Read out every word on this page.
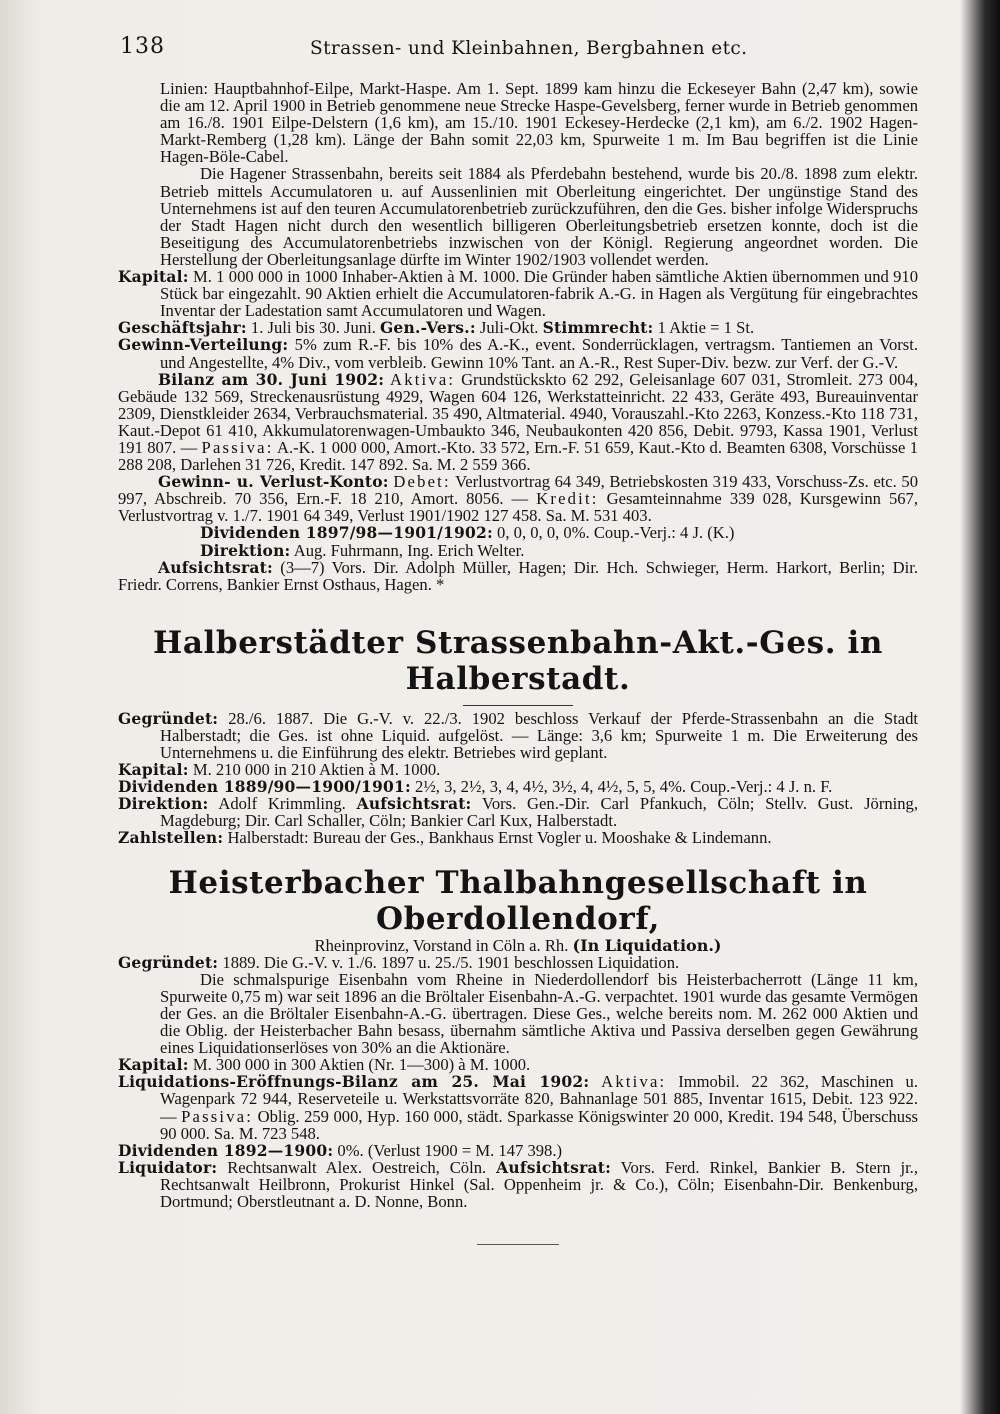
138	Strassen- und Kleinbahnen, Bergbahnen etc.

Linien: Hauptbahnhof-Eilpe, Markt-Haspe. Am 1. Sept. 1899 kam hinzu die Eckeseyer Bahn (2,47 km), sowie die am 12. April 1900 in Betrieb genommene neue Strecke Haspe-Gevelsberg, ferner wurde in Betrieb genommen am 16./8. 1901 Eilpe-Delstern (1,6 km), am 15./10. 1901 Eckesey-Herdecke (2,1 km), am 6./2. 1902 Hagen-Markt-Remberg (1,28 km). Länge der Bahn somit 22,03 km, Spurweite 1 m. Im Bau begriffen ist die Linie Hagen-Böle-Cabel.

Die Hagener Strassenbahn, bereits seit 1884 als Pferdebahn bestehend, wurde bis 20./8. 1898 zum elektr. Betrieb mittels Accumulatoren u. auf Aussenlinien mit Oberleitung eingerichtet. Der ungünstige Stand des Unternehmens ist auf den teuren Accumulatorenbetrieb zurückzuführen, den die Ges. bisher infolge Widerspruchs der Stadt Hagen nicht durch den wesentlich billigeren Oberleitungsbetrieb ersetzen konnte, doch ist die Beseitigung des Accumulatorenbetriebs inzwischen von der Königl. Regierung angeordnet worden. Die Herstellung der Oberleitungsanlage dürfte im Winter 1902/1903 vollendet werden.

Kapital: M. 1 000 000 in 1000 Inhaber-Aktien à M. 1000. Die Gründer haben sämtliche Aktien übernommen und 910 Stück bar eingezahlt. 90 Aktien erhielt die Accumulatoren-fabrik A.-G. in Hagen als Vergütung für eingebrachtes Inventar der Ladestation samt Accumulatoren und Wagen.

Geschäftsjahr: 1. Juli bis 30. Juni. Gen.-Vers.: Juli-Okt. Stimmrecht: 1 Aktie = 1 St.

Gewinn-Verteilung: 5% zum R.-F. bis 10% des A.-K., event. Sonderrücklagen, vertragsm. Tantiemen an Vorst. und Angestellte, 4% Div., vom verbleib. Gewinn 10% Tant. an A.-R., Rest Super-Div. bezw. zur Verf. der G.-V.

Bilanz am 30. Juni 1902: Aktiva: Grundstückskto 62 292, Geleisanlage 607 031, Stromleit. 273 004, Gebäude 132 569, Streckenausrüstung 4929, Wagen 604 126, Werkstatteinricht. 22 433, Geräte 493, Bureauinventar 2309, Dienstkleider 2634, Verbrauchsmaterial. 35 490, Altmaterial. 4940, Vorauszahl.-Kto 2263, Konzess.-Kto 118 731, Kaut.-Depot 61 410, Akkumulatorenwagen-Umbaukto 346, Neubaukonten 420 856, Debit. 9793, Kassa 1901, Verlust 191 807. — Passiva: A.-K. 1 000 000, Amort.-Kto. 33 572, Ern.-F. 51 659, Kaut.-Kto d. Beamten 6308, Vorschüsse 1 288 208, Darlehen 31 726, Kredit. 147 892. Sa. M. 2 559 366.

Gewinn- u. Verlust-Konto: Debet: Verlustvortrag 64 349, Betriebskosten 319 433, Vorschuss-Zs. etc. 50 997, Abschreib. 70 356, Ern.-F. 18 210, Amort. 8056. — Kredit: Gesamteinnahme 339 028, Kursgewinn 567, Verlustvortrag v. 1./7. 1901 64 349, Verlust 1901/1902 127 458. Sa. M. 531 403.

Dividenden 1897/98—1901/1902: 0, 0, 0, 0, 0%. Coup.-Verj.: 4 J. (K.)

Direktion: Aug. Fuhrmann, Ing. Erich Welter.

Aufsichtsrat: (3—7) Vors. Dir. Adolph Müller, Hagen; Dir. Hch. Schwieger, Herm. Harkort, Berlin; Dir. Friedr. Correns, Bankier Ernst Osthaus, Hagen. *

Halberstädter Strassenbahn-Akt.-Ges. in Halberstadt.

Gegründet: 28./6. 1887. Die G.-V. v. 22./3. 1902 beschloss Verkauf der Pferde-Strassenbahn an die Stadt Halberstadt; die Ges. ist ohne Liquid. aufgelöst. — Länge: 3,6 km; Spurweite 1 m. Die Erweiterung des Unternehmens u. die Einführung des elektr. Betriebes wird geplant.

Kapital: M. 210 000 in 210 Aktien à M. 1000.

Dividenden 1889/90—1900/1901: 2½, 3, 2½, 3, 4, 4½, 3½, 4, 4½, 5, 5, 4%. Coup.-Verj.: 4 J. n. F.

Direktion: Adolf Krimmling. Aufsichtsrat: Vors. Gen.-Dir. Carl Pfankuch, Cöln; Stellv. Gust. Jörning, Magdeburg; Dir. Carl Schaller, Cöln; Bankier Carl Kux, Halberstadt.

Zahlstellen: Halberstadt: Bureau der Ges., Bankhaus Ernst Vogler u. Mooshake & Lindemann.

Heisterbacher Thalbahngesellschaft in Oberdollendorf,

Rheinprovinz, Vorstand in Cöln a. Rh. (In Liquidation.)

Gegründet: 1889. Die G.-V. v. 1./6. 1897 u. 25./5. 1901 beschlossen Liquidation.

Die schmalspurige Eisenbahn vom Rheine in Niederdollendorf bis Heisterbacherrott (Länge 11 km, Spurweite 0,75 m) war seit 1896 an die Bröltaler Eisenbahn-A.-G. verpachtet. 1901 wurde das gesamte Vermögen der Ges. an die Bröltaler Eisenbahn-A.-G. übertragen. Diese Ges., welche bereits nom. M. 262 000 Aktien und die Oblig. der Heisterbacher Bahn besass, übernahm sämtliche Aktiva und Passiva derselben gegen Gewährung eines Liquidationserlöses von 30% an die Aktionäre.

Kapital: M. 300 000 in 300 Aktien (Nr. 1—300) à M. 1000.

Liquidations-Eröffnungs-Bilanz am 25. Mai 1902: Aktiva: Immobil. 22 362, Maschinen u. Wagenpark 72 944, Reserveteile u. Werkstattsvorräte 820, Bahnanlage 501 885, Inventar 1615, Debit. 123 922. — Passiva: Oblig. 259 000, Hyp. 160 000, städt. Sparkasse Königswinter 20 000, Kredit. 194 548, Überschuss 90 000. Sa. M. 723 548.

Dividenden 1892—1900: 0%. (Verlust 1900 = M. 147 398.)

Liquidator: Rechtsanwalt Alex. Oestreich, Cöln. Aufsichtsrat: Vors. Ferd. Rinkel, Bankier B. Stern jr., Rechtsanwalt Heilbronn, Prokurist Hinkel (Sal. Oppenheim jr. & Co.), Cöln; Eisenbahn-Dir. Benkenburg, Dortmund; Oberstleutnant a. D. Nonne, Bonn.
